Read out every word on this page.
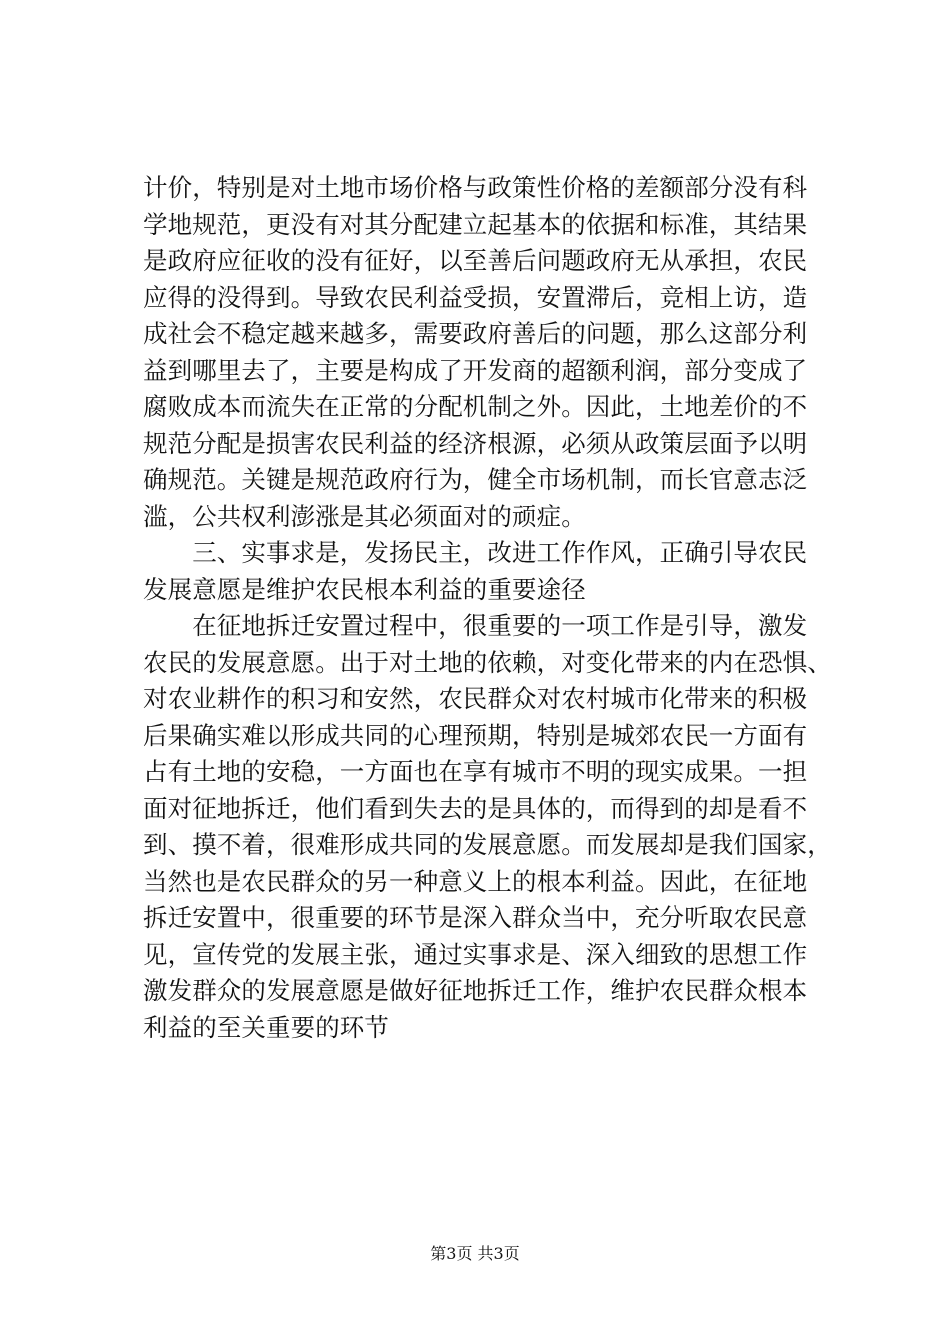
计价，特别是对土地市场价格与政策性价格的差额部分没有科
学地规范，更没有对其分配建立起基本的依据和标准，其结果
是政府应征收的没有征好，以至善后问题政府无从承担，农民
应得的没得到。导致农民利益受损，安置滞后，竞相上访，造
成社会不稳定越来越多，需要政府善后的问题，那么这部分利
益到哪里去了，主要是构成了开发商的超额利润，部分变成了
腐败成本而流失在正常的分配机制之外。因此，土地差价的不
规范分配是损害农民利益的经济根源，必须从政策层面予以明
确规范。关键是规范政府行为，健全市场机制，而长官意志泛
滥，公共权利澎涨是其必须面对的顽症。
　　三、实事求是，发扬民主，改进工作作风，正确引导农民
发展意愿是维护农民根本利益的重要途径
　　在征地拆迁安置过程中，很重要的一项工作是引导，激发
农民的发展意愿。出于对土地的依赖，对变化带来的内在恐惧、
对农业耕作的积习和安然，农民群众对农村城市化带来的积极
后果确实难以形成共同的心理预期，特别是城郊农民一方面有
占有土地的安稳，一方面也在享有城市不明的现实成果。一担
面对征地拆迁，他们看到失去的是具体的，而得到的却是看不
到、摸不着，很难形成共同的发展意愿。而发展却是我们国家，
当然也是农民群众的另一种意义上的根本利益。因此，在征地
拆迁安置中，很重要的环节是深入群众当中，充分听取农民意
见，宣传党的发展主张，通过实事求是、深入细致的思想工作
激发群众的发展意愿是做好征地拆迁工作，维护农民群众根本
利益的至关重要的环节
第3页 共3页
